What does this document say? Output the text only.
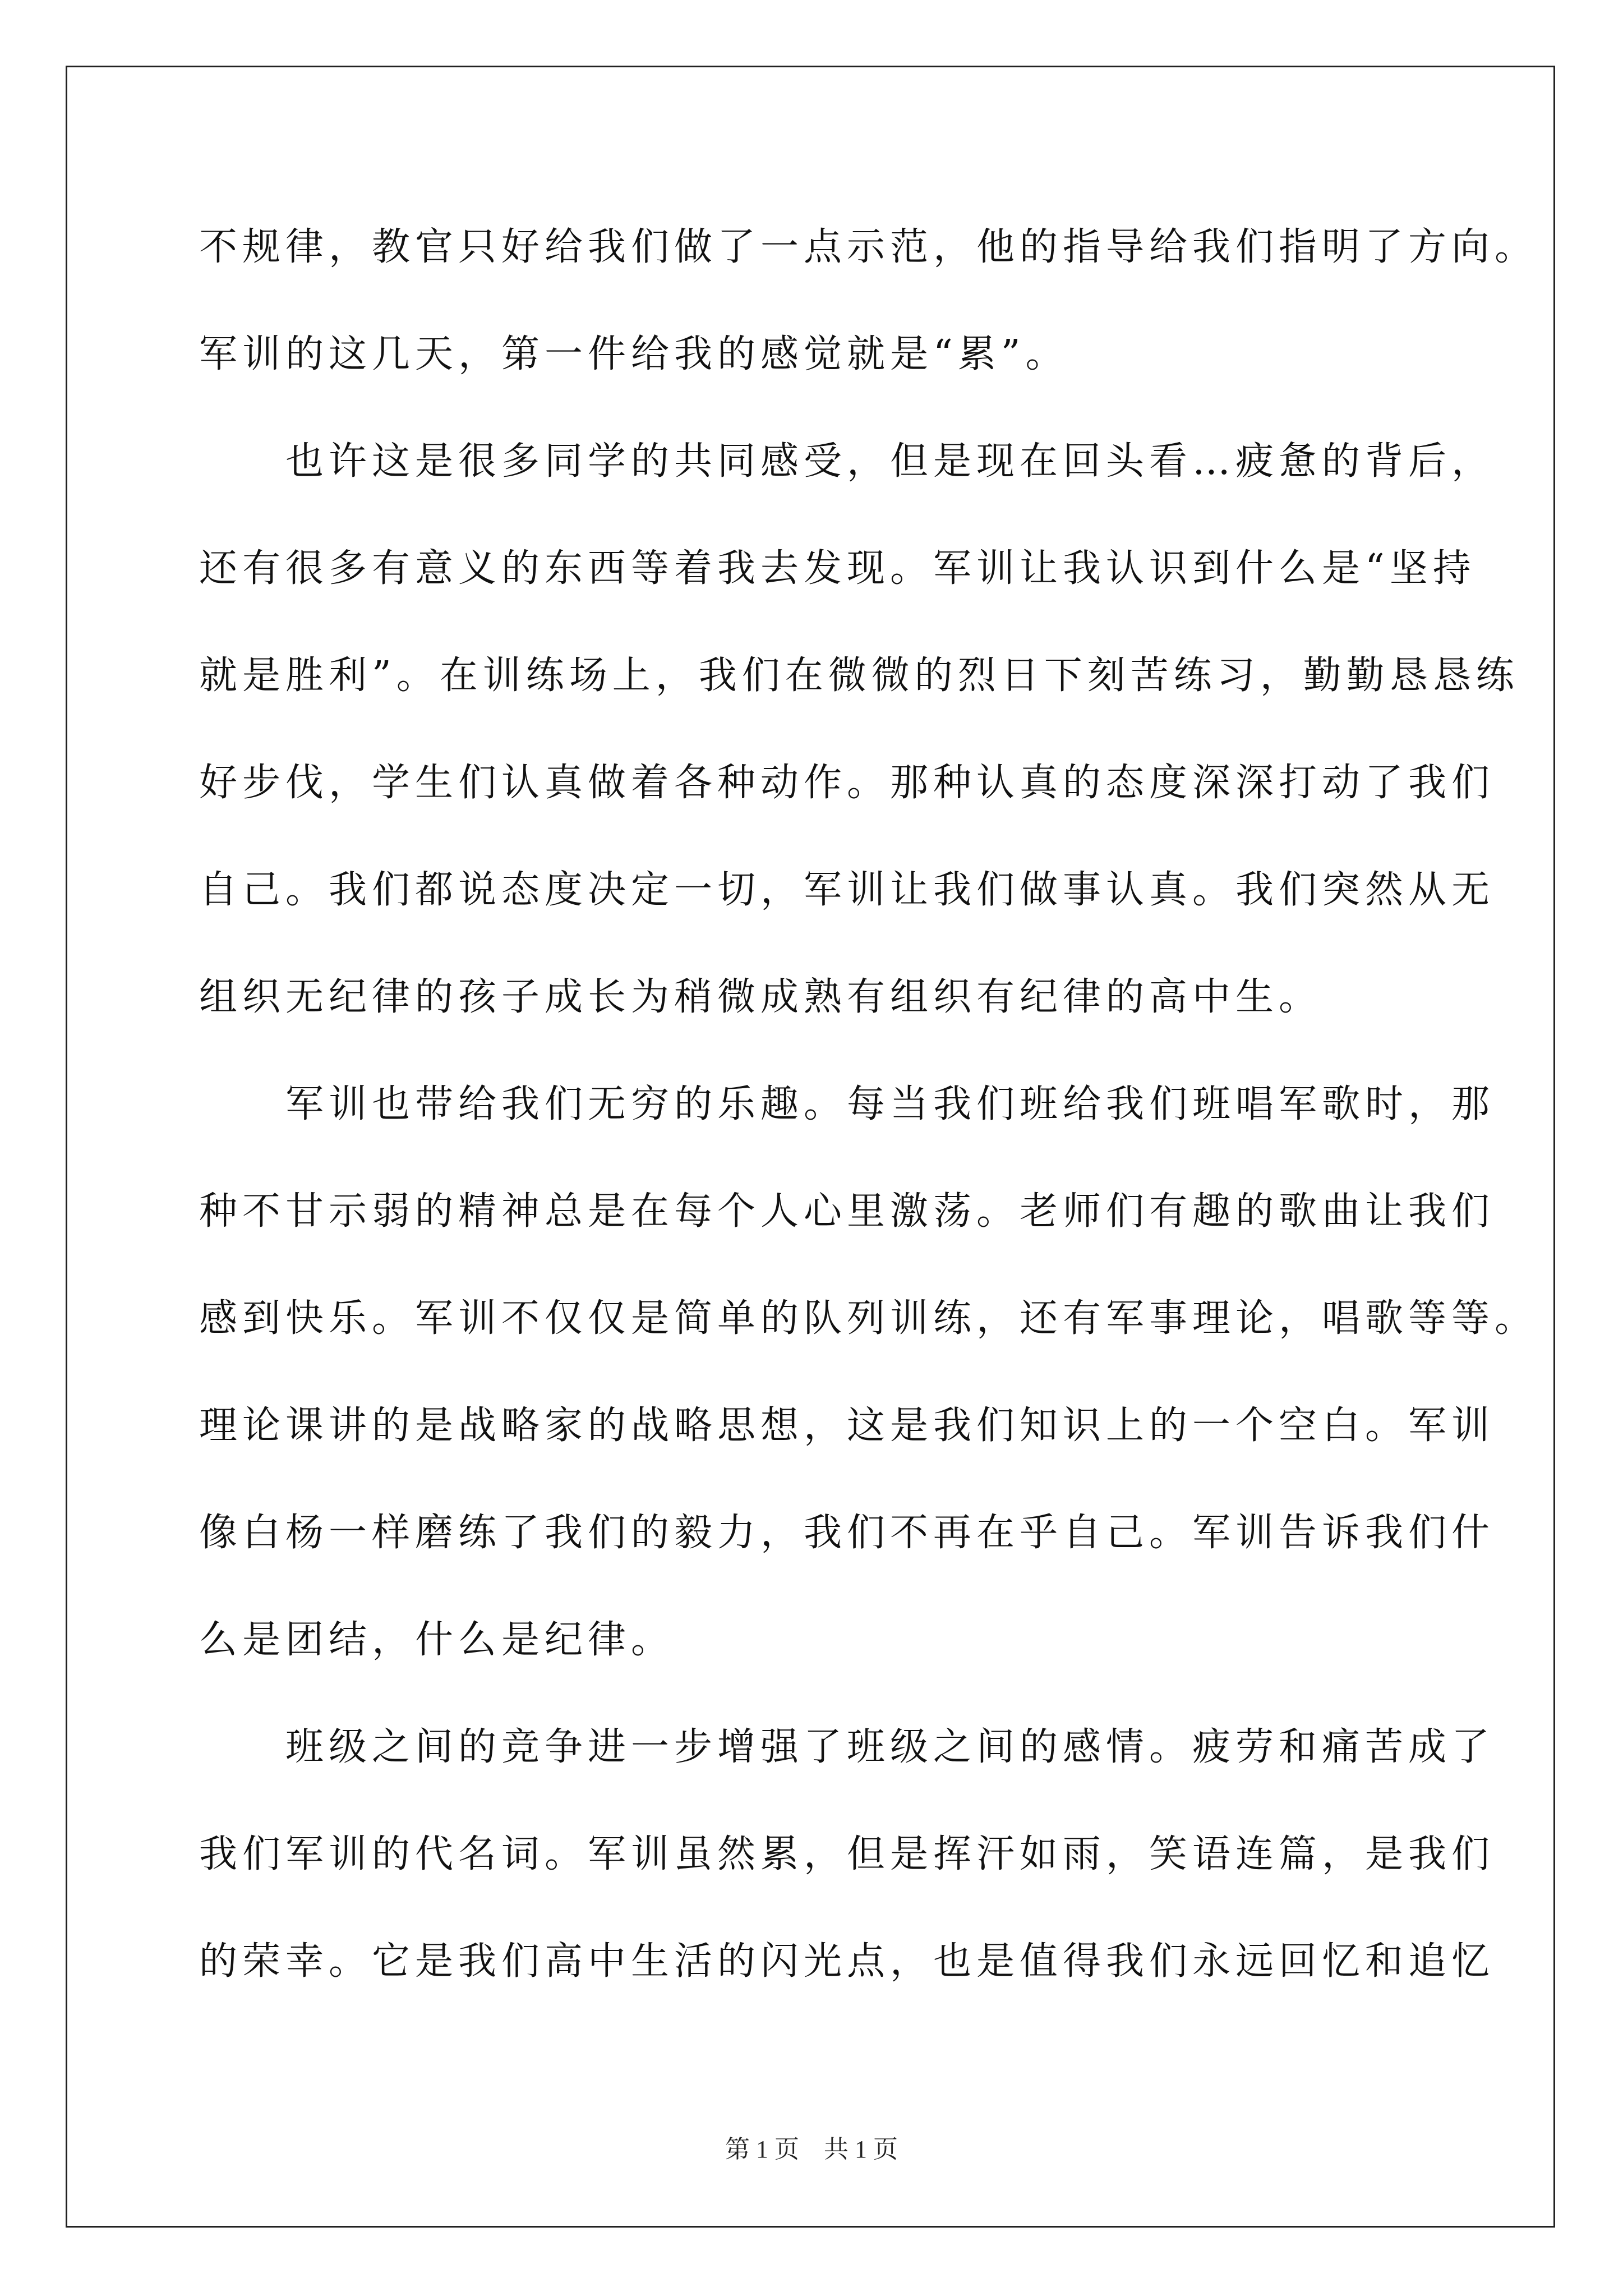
不规律，教官只好给我们做了一点示范，他的指导给我们指明了方向。
军训的这几天，第一件给我的感觉就是“累”。
　　也许这是很多同学的共同感受，但是现在回头看…疲惫的背后，
还有很多有意义的东西等着我去发现。军训让我认识到什么是“坚持
就是胜利”。在训练场上，我们在微微的烈日下刻苦练习，勤勤恳恳练
好步伐，学生们认真做着各种动作。那种认真的态度深深打动了我们
自己。我们都说态度决定一切，军训让我们做事认真。我们突然从无
组织无纪律的孩子成长为稍微成熟有组织有纪律的高中生。
　　军训也带给我们无穷的乐趣。每当我们班给我们班唱军歌时，那
种不甘示弱的精神总是在每个人心里激荡。老师们有趣的歌曲让我们
感到快乐。军训不仅仅是简单的队列训练，还有军事理论，唱歌等等。
理论课讲的是战略家的战略思想，这是我们知识上的一个空白。军训
像白杨一样磨练了我们的毅力，我们不再在乎自己。军训告诉我们什
么是团结，什么是纪律。
　　班级之间的竞争进一步增强了班级之间的感情。疲劳和痛苦成了
我们军训的代名词。军训虽然累，但是挥汗如雨，笑语连篇，是我们
的荣幸。它是我们高中生活的闪光点，也是值得我们永远回忆和追忆
第 1 页    共 1 页
